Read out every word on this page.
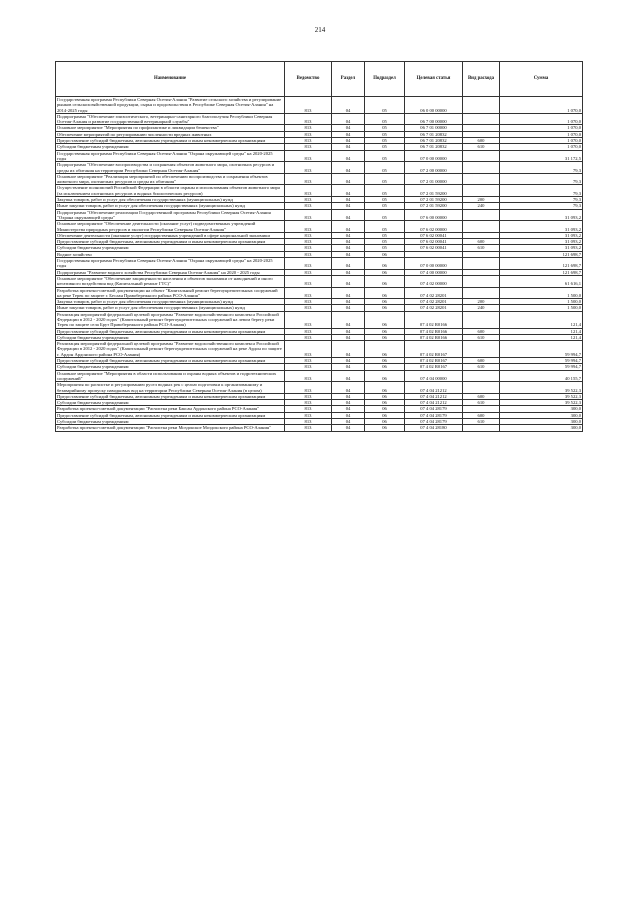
214
Наименование	Ведомство	Раздел	Подраздел	Целевая статья	Вид расхода	Сумма
Государственная программа Республики Северная Осетия-Алания "Развитие сельского хозяйства и регулирование рынков сельскохозяйственной продукции, сырья и продовольствия в Республике Северная Осетия-Алания" на 2014-2025 годы	813	04	05	06 0 00 00000		1 070,0
Подпрограмма "Обеспечение эпизоотического, ветеринарно-санитарного благополучия Республики Северная Осетия-Алания и развитие государственной ветеринарной службы"	813	04	05	06 7 00 00000		1 070,0
Основное мероприятие "Мероприятия по профилактике и ликвидации бешенства"	813	04	05	06 7 01 00000		1 070,0
Обеспечение мероприятий по регулированию численности вредных животных	813	04	05	06 7 01 20832		1 070,0
Предоставление субсидий бюджетным, автономным учреждениям и иным некоммерческим организациям	813	04	05	06 7 01 20832	600	1 070,0
Субсидии бюджетным учреждениям	813	04	05	06 7 01 20832	610	1 070,0
Государственная программа Республики Северная Осетия-Алания "Охрана окружающей среды" на 2020-2025 годы	813	04	05	07 0 00 00000		31 172,5
Подпрограмма "Обеспечение воспроизводства и сохранения объектов животного мира, охотничьих ресурсов и среды их обитания на территории Республики Северная Осетия-Алания"	813	04	05	07 2 00 00000		79,3
Основное мероприятие "Реализация мероприятий по обеспечению воспроизводства и сохранения объектов животного мира, охотничьих ресурсов и среды их обитания"	813	04	05	07 2 01 00000		79,3
Осуществление полномочий Российской Федерации в области охраны и использования объектов животного мира (за исключением охотничьих ресурсов и водных биологических ресурсов)	813	04	05	07 2 01 59200		79,3
Закупка товаров, работ и услуг для обеспечения государственных (муниципальных) нужд	813	04	05	07 2 01 59200	200	79,3
Иные закупки товаров, работ и услуг для обеспечения государственных (муниципальных) нужд	813	04	05	07 2 01 59200	240	79,3
Подпрограмма "Обеспечение реализации Государственной программы Республики Северная Осетия-Алания "Охрана окружающей среды"	813	04	05	07 6 00 00000		31 093,2
Основное мероприятие "Обеспечение деятельности (оказание услуг) подведомственных учреждений Министерства природных ресурсов и экологии Республики Северная Осетия-Алания"	813	04	05	07 6 02 00000		31 093,2
Обеспечение деятельности (оказание услуг) государственных учреждений в сфере национальной экономики	813	04	05	07 6 02 00041		31 093,2
Предоставление субсидий бюджетным, автономным учреждениям и иным некоммерческим организациям	813	04	05	07 6 02 00041	600	31 093,2
Субсидии бюджетным учреждениям	813	04	05	07 6 02 00041	610	31 093,2
Водное хозяйство	813	04	06			121 698,7
Государственная программа Республики Северная Осетия-Алания "Охрана окружающей среды" на 2020-2025 годы	813	04	06	07 0 00 00000		121 698,7
Подпрограмма "Развитие водного хозяйства Республики Северная Осетия-Алания" на 2020 - 2025 годы	813	04	06	07 4 00 00000		121 698,7
Основное мероприятие "Обеспечение защищенности населения и объектов экономики от наводнений и иного негативного воздействия вод (Капитальный ремонт ГТС)"	813	04	06	07 4 02 00000		61 616,1
Разработка проектно-сметной документации на объект "Капитальный ремонт берегоукрепительных сооружений на реке Терек по защите г. Беслан Правобережного района РСО-Алания"	813	04	06	07 4 02 28201		1 500,0
Закупка товаров, работ и услуг для обеспечения государственных (муниципальных) нужд	813	04	06	07 4 02 28201	200	1 500,0
Иные закупки товаров, работ и услуг для обеспечения государственных (муниципальных) нужд	813	04	06	07 4 02 28201	240	1 500,0
Реализация мероприятий федеральной целевой программы "Развитие водохозяйственного комплекса Российской Федерации в 2012 - 2020 годах" (Капитальный ремонт берегоукрепительных сооружений на левом берегу реки Терек по защите села Брут Правобережного района РСО-Алания)	813	04	06	07 4 02 R0166		121,4
Предоставление субсидий бюджетным, автономным учреждениям и иным некоммерческим организациям	813	04	06	07 4 02 R0166	600	121,4
Субсидии бюджетным учреждениям	813	04	06	07 4 02 R0166	610	121,4
Реализация мероприятий федеральной целевой программы "Развитие водохозяйственного комплекса Российской Федерации в 2012 - 2020 годах" (Капитальный ремонт берегоукрепительных сооружений на реке Ардон по защите г. Ардон Ардонского района РСО-Алания)	813	04	06	07 4 02 R0167		59 994,7
Предоставление субсидий бюджетным, автономным учреждениям и иным некоммерческим организациям	813	04	06	07 4 02 R0167	600	59 994,7
Субсидии бюджетным учреждениям	813	04	06	07 4 02 R0167	610	59 994,7
Основное мероприятие "Мероприятия в области использования и охраны водных объектов и гидротехнических сооружений"	813	04	06	07 4 04 00000		40 155,7
Мероприятия по расчистке и регулированию русел водных рек с целью подготовки к организованному и безаварийному пропуску паводковых вод на территории Республики Северная Осетия-Алания (в целом)	813	04	06	07 4 04 21212		39 522,3
Предоставление субсидий бюджетным, автономным учреждениям и иным некоммерческим организациям	813	04	06	07 4 04 21212	600	39 522,3
Субсидии бюджетным учреждениям	813	04	06	07 4 04 21212	610	39 522,3
Разработка проектно-сметной документации "Расчистка реки Баксан Ардонского района РСО-Алания"	813	04	06	07 4 04 28179		300,0
Предоставление субсидий бюджетным, автономным учреждениям и иным некоммерческим организациям	813	04	06	07 4 04 28179	600	300,0
Субсидии бюджетным учреждениям	813	04	06	07 4 04 28179	610	300,0
Разработка проектно-сметной документации "Расчистка реки Моздокское Моздокского района РСО-Алания"	813	04	06	07 4 04 28180		300,0
